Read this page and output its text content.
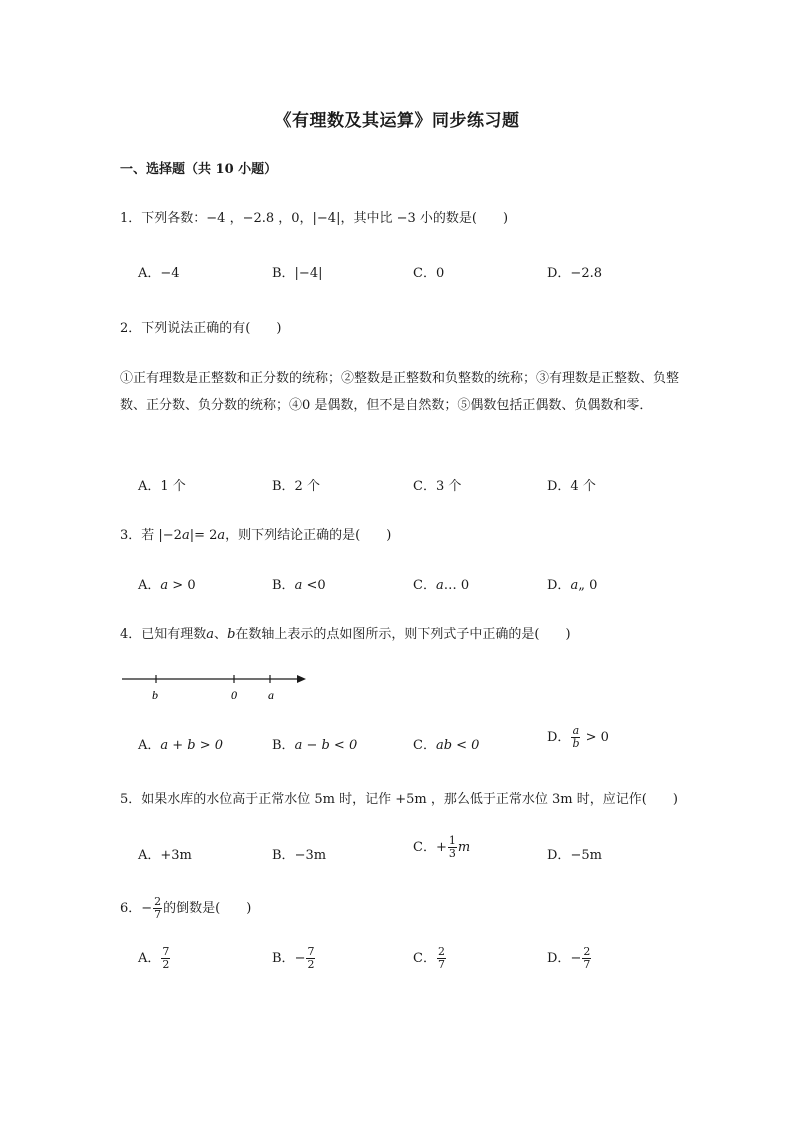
《有理数及其运算》同步练习题
一、选择题（共 10 小题）
1．下列各数：−4 ，−2.8 ，0，|−4|，其中比 −3 小的数是(　　)
A．−4	B．|−4|	C．0	D．−2.8
2．下列说法正确的有(　　)
①正有理数是正整数和正分数的统称；②整数是正整数和负整数的统称；③有理数是正整数、负整数、正分数、负分数的统称；④0 是偶数，但不是自然数；⑤偶数包括正偶数、负偶数和零．
A．1 个	B．2 个	C．3 个	D．4 个
3．若 |−2a|= 2a，则下列结论正确的是(　　)
A．a > 0	B．a <0	C．a… 0	D．a„ 0
4．已知有理数a、b在数轴上表示的点如图所示，则下列式子中正确的是(　　)
b	0	a
A．a + b > 0	B．a − b < 0	C．ab < 0
D． $\frac{a}{b} > 0$
5．如果水库的水位高于正常水位 5m 时，记作 +5m ，那么低于正常水位 3m 时，应记作(　　)
A．+3m	B．−3m
C．+ $\frac{1}{3}$ m
D．−5m
6．− $\frac{2}{7}$ 的倒数是(　　)
A． $\frac{7}{2}$	B．− $\frac{7}{2}$	C． $\frac{2}{7}$	D．− $\frac{2}{7}$
